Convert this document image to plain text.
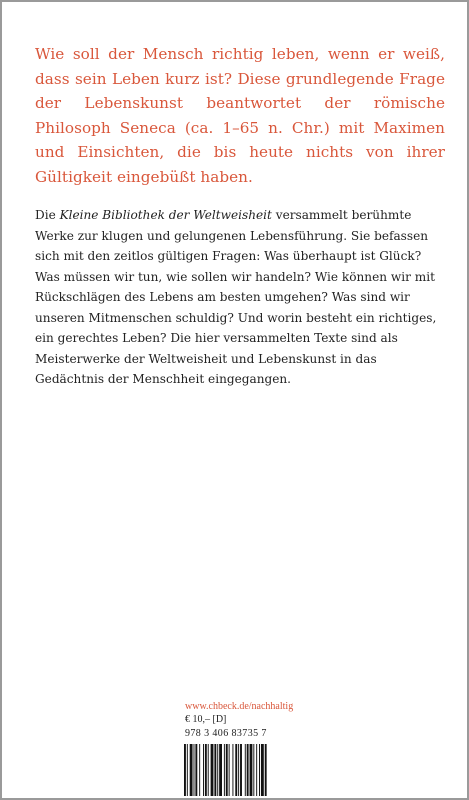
Wie soll der Mensch richtig leben, wenn er weiß, dass sein Leben kurz ist? Diese grundlegende Frage der Lebenskunst beantwortet der römische Philosoph Seneca (ca. 1–65 n. Chr.) mit Maximen und Einsichten, die bis heute nichts von ihrer Gültigkeit eingebüßt haben.

Die Kleine Bibliothek der Weltweisheit versammelt berühmte Werke zur klugen und gelungenen Lebensführung. Sie befassen sich mit den zeitlos gültigen Fragen: Was überhaupt ist Glück? Was müssen wir tun, wie sollen wir handeln? Wie können wir mit Rückschlägen des Lebens am besten umgehen? Was sind wir unseren Mitmenschen schuldig? Und worin besteht ein richtiges, ein gerechtes Leben? Die hier versammelten Texte sind als Meisterwerke der Weltweisheit und Lebenskunst in das Gedächtnis der Menschheit eingegangen.

www.chbeck.de/nachhaltig
€ 10,– [D]
978 3 406 83735 7
